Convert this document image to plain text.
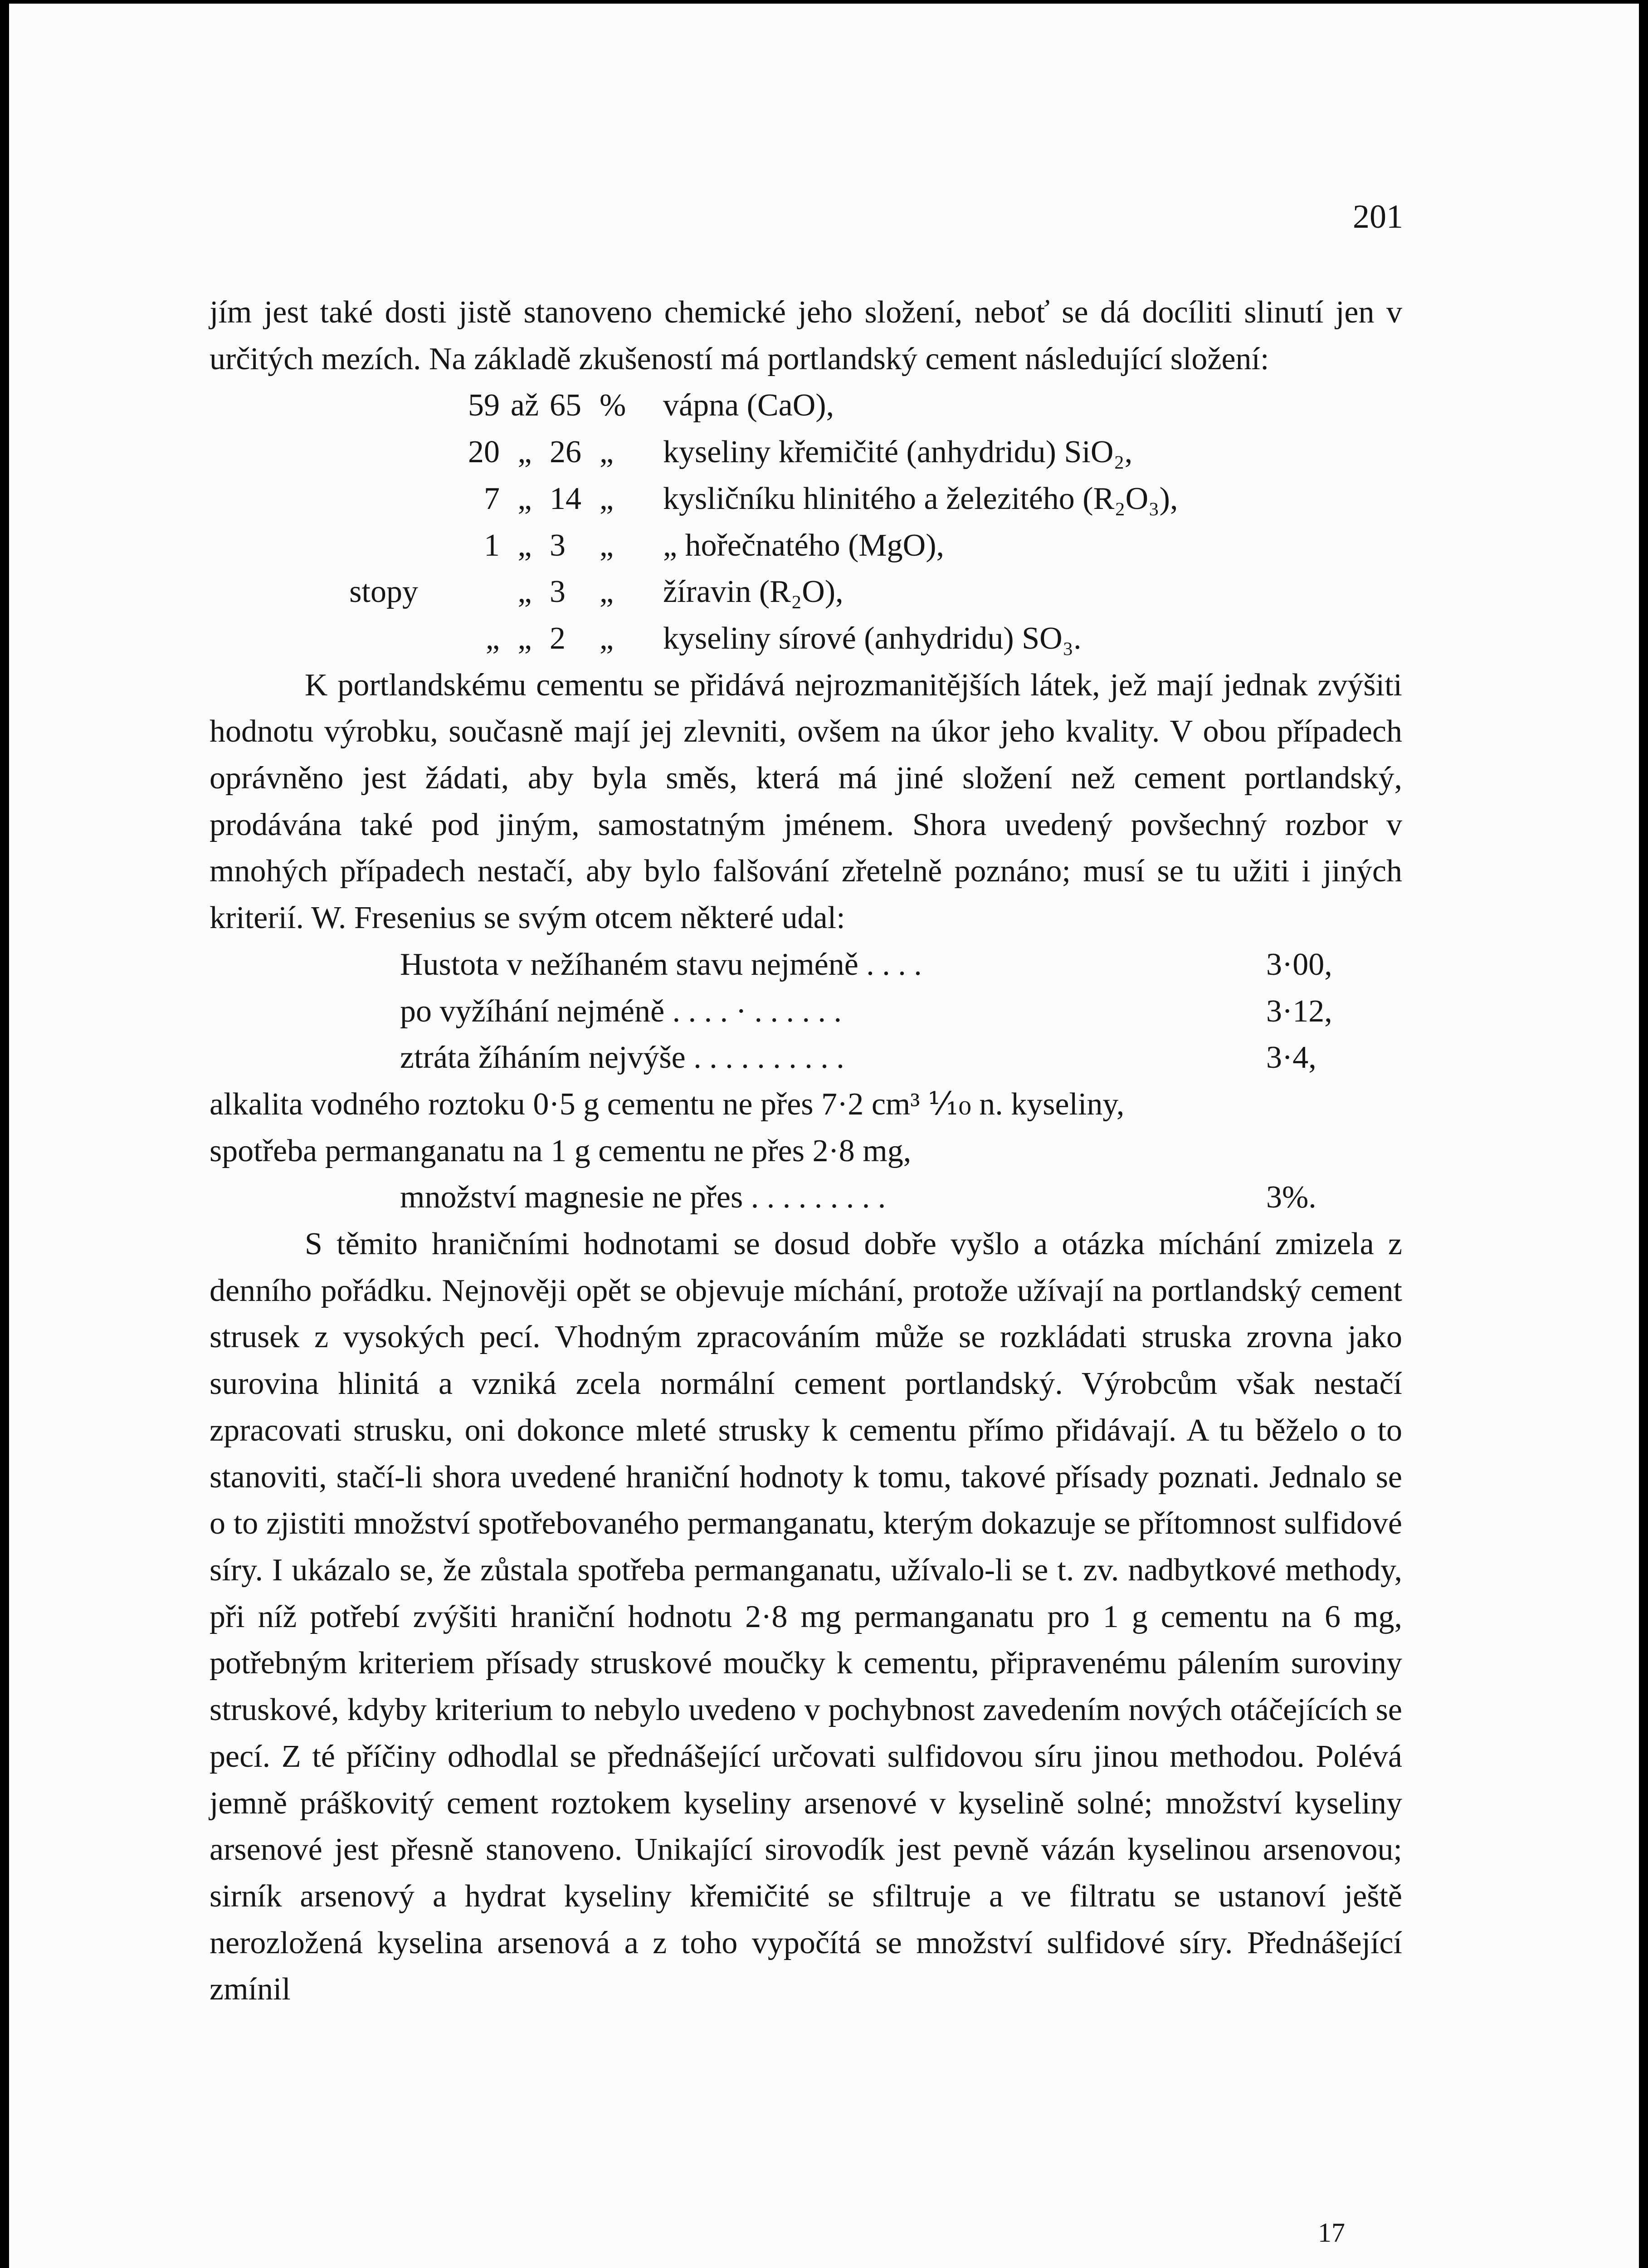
201
jím jest také dosti jistě stanoveno chemické jeho složení, neboť se dá docíliti slinutí jen v určitých mezích. Na základě zkušeností má portlandský cement následující složení:
59 až 65 %	vápna (CaO),
20 „ 26 „	kyseliny křemičité (anhydridu) SiO₂,
7 „ 14 „	kysličníku hlinitého a železitého (R₂O₃),
1 „ 3	„	„ hořečnatého (MgO),
stopy	„ 3	„	žíravin (R₂O),
„ „ 2	„	kyseliny sírové (anhydridu) SO₃.
K portlandskému cementu se přidává nejrozmanitějších látek, jež mají jednak zvýšiti hodnotu výrobku, současně mají jej zlevniti, ovšem na úkor jeho kvality. V obou případech oprávněno jest žádati, aby byla směs, která má jiné složení než cement portlandský, prodávána také pod jiným, samostatným jménem. Shora uvedený povšechný rozbor v mnohých případech nestačí, aby bylo falšování zřetelně poznáno; musí se tu užiti i jiných kriterií. W. Fresenius se svým otcem některé udal:
Hustota v nežíhaném stavu nejméně . . . .	3·00,
po vyžíhání nejméně . . . . · . . . . . .	3·12,
ztráta žíháním nejvýše . . . . . . . . . .	3·4,
alkalita vodného roztoku 0·5 g cementu ne přes 7·2 cm³ ⅒ n. kyseliny,
spotřeba permanganatu na 1 g cementu ne přes 2·8 mg,
množství magnesie ne přes . . . . . . . . .	3%.
S těmito hraničními hodnotami se dosud dobře vyšlo a otázka míchání zmizela z denního pořádku. Nejnověji opět se objevuje míchání, protože užívají na portlandský cement strusek z vysokých pecí. Vhodným zpracováním může se rozkládati struska zrovna jako surovina hlinitá a vzniká zcela normální cement portlandský. Výrobcům však nestačí zpracovati strusku, oni dokonce mleté strusky k cementu přímo přidávají. A tu běželo o to stanoviti, stačí-li shora uvedené hraniční hodnoty k tomu, takové přísady poznati. Jednalo se o to zjistiti množství spotřebovaného permanganatu, kterým dokazuje se přítomnost sulfidové síry. I ukázalo se, že zůstala spotřeba permanganatu, užívalo-li se t. zv. nadbytkové methody, při níž potřebí zvýšiti hraniční hodnotu 2·8 mg permanganatu pro 1 g cementu na 6 mg, potřebným kriteriem přísady struskové moučky k cementu, připravenému pálením suroviny struskové, kdyby kriterium to nebylo uvedeno v pochybnost zavedením nových otáčejících se pecí. Z té příčiny odhodlal se přednášející určovati sulfidovou síru jinou methodou. Polévá jemně práškovitý cement roztokem kyseliny arsenové v kyselině solné; množství kyseliny arsenové jest přesně stanoveno. Unikající sirovodík jest pevně vázán kyselinou arsenovou; sirník arsenový a hydrat kyseliny křemičité se sfiltruje a ve filtratu se ustanoví ještě nerozložená kyselina arsenová a z toho vypočítá se množství sulfidové síry. Přednášející zmínil
17
